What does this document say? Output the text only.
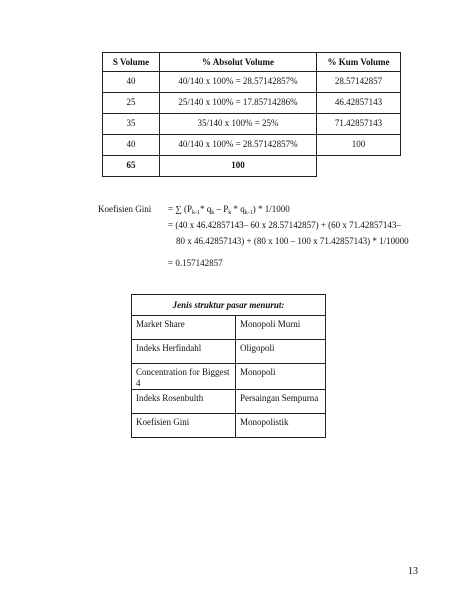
S Volume	% Absolut Volume	% Kum Volume
40	40/140 x 100% = 28.57142857%	28.57142857
25	25/140 x 100% = 17.85714286%	46.42857143
35	35/140 x 100% = 25%	71.42857143
40	40/140 x 100% = 28.57142857%	100
65	100	
Koefisien Gini = ∑ ($P_{k-1}*$ $q_k - P_k * q_{k-1}) * 1/1000$
= (40 x 46.42857143– 60 x 28.57142857) + (60 x 71.42857143–
80 x 46.42857143) + (80 x 100 – 100 x 71.42857143) * 1/10000
= 0.157142857
Jenis struktur pasar menurut:	
Market Share	Monopoli Murni
Indeks Herfindahl	Oligopoli
Concentration for Biggest 4	Monopoli
Indeks Rosenbulth	Persaingan Sempurna
Koefisien Gini	Monopolistik
13
